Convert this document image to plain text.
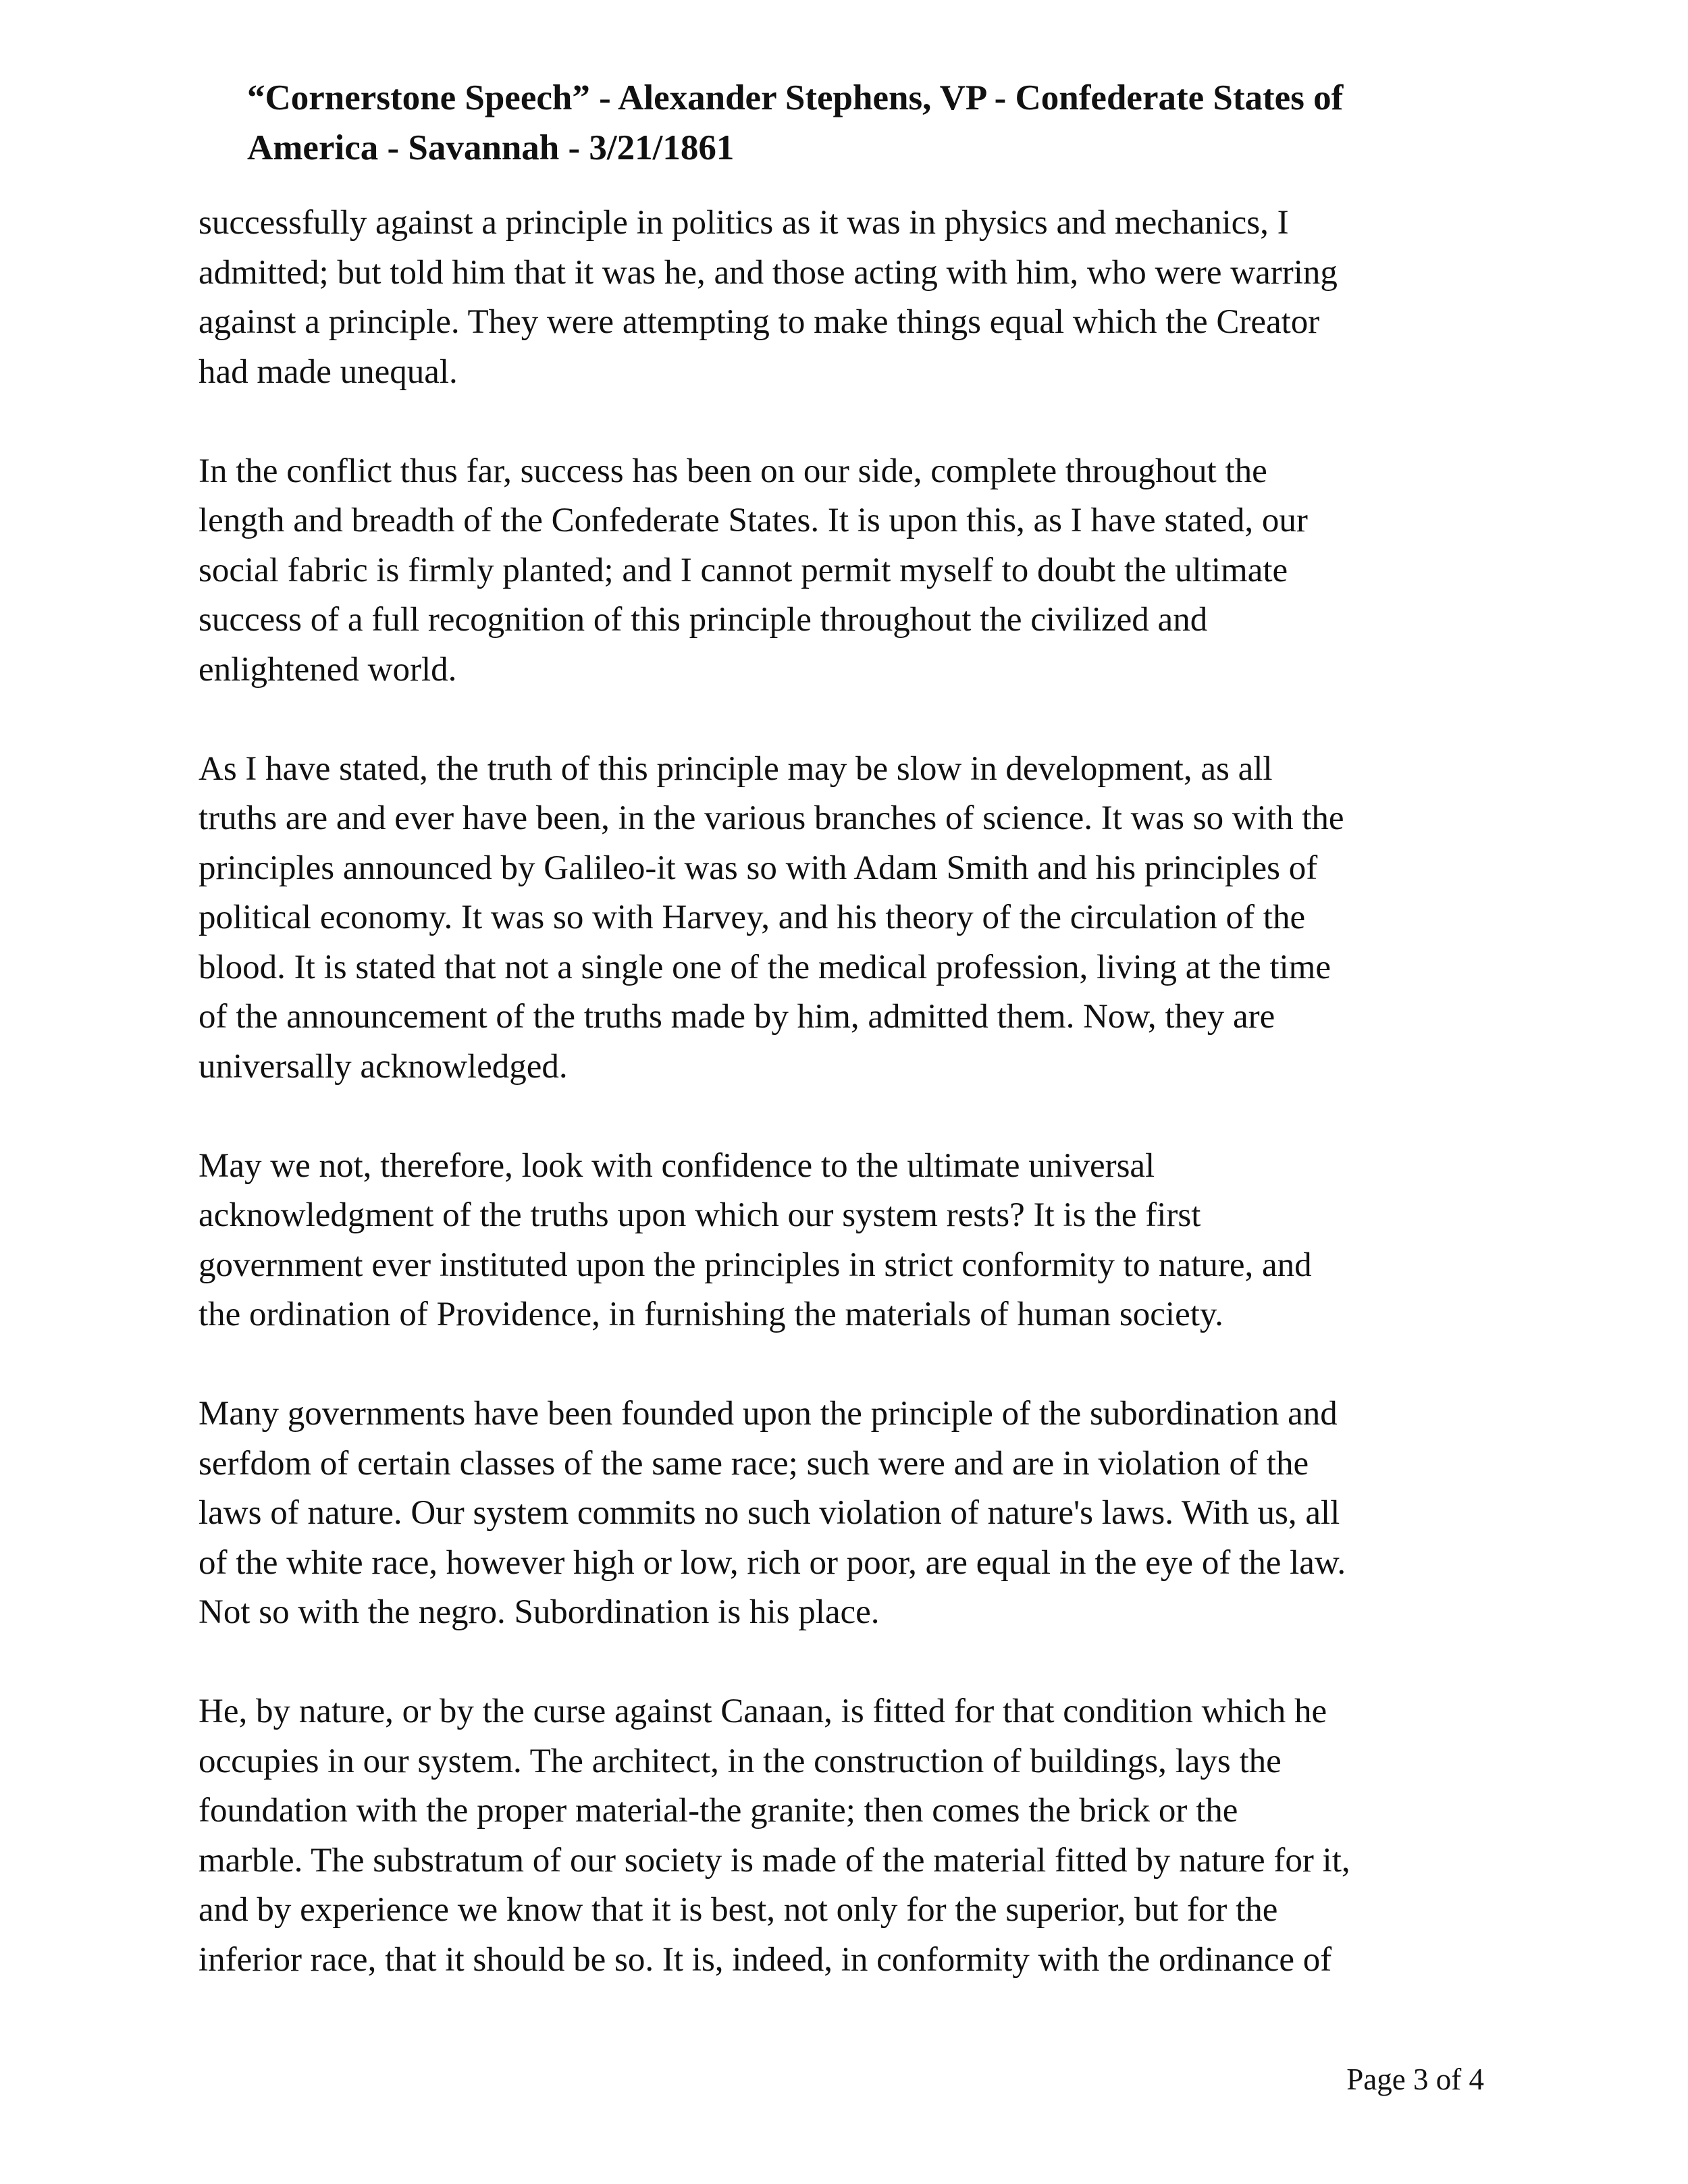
“Cornerstone Speech” - Alexander Stephens, VP - Confederate States of
America - Savannah - 3/21/1861

successfully against a principle in politics as it was in physics and mechanics, I
admitted; but told him that it was he, and those acting with him, who were warring
against a principle. They were attempting to make things equal which the Creator
had made unequal.

In the conflict thus far, success has been on our side, complete throughout the
length and breadth of the Confederate States. It is upon this, as I have stated, our
social fabric is firmly planted; and I cannot permit myself to doubt the ultimate
success of a full recognition of this principle throughout the civilized and
enlightened world.

As I have stated, the truth of this principle may be slow in development, as all
truths are and ever have been, in the various branches of science. It was so with the
principles announced by Galileo-it was so with Adam Smith and his principles of
political economy. It was so with Harvey, and his theory of the circulation of the
blood. It is stated that not a single one of the medical profession, living at the time
of the announcement of the truths made by him, admitted them. Now, they are
universally acknowledged.

May we not, therefore, look with confidence to the ultimate universal
acknowledgment of the truths upon which our system rests? It is the first
government ever instituted upon the principles in strict conformity to nature, and
the ordination of Providence, in furnishing the materials of human society.

Many governments have been founded upon the principle of the subordination and
serfdom of certain classes of the same race; such were and are in violation of the
laws of nature. Our system commits no such violation of nature's laws. With us, all
of the white race, however high or low, rich or poor, are equal in the eye of the law.
Not so with the negro. Subordination is his place.

He, by nature, or by the curse against Canaan, is fitted for that condition which he
occupies in our system. The architect, in the construction of buildings, lays the
foundation with the proper material-the granite; then comes the brick or the
marble. The substratum of our society is made of the material fitted by nature for it,
and by experience we know that it is best, not only for the superior, but for the
inferior race, that it should be so. It is, indeed, in conformity with the ordinance of

Page 3 of 4
